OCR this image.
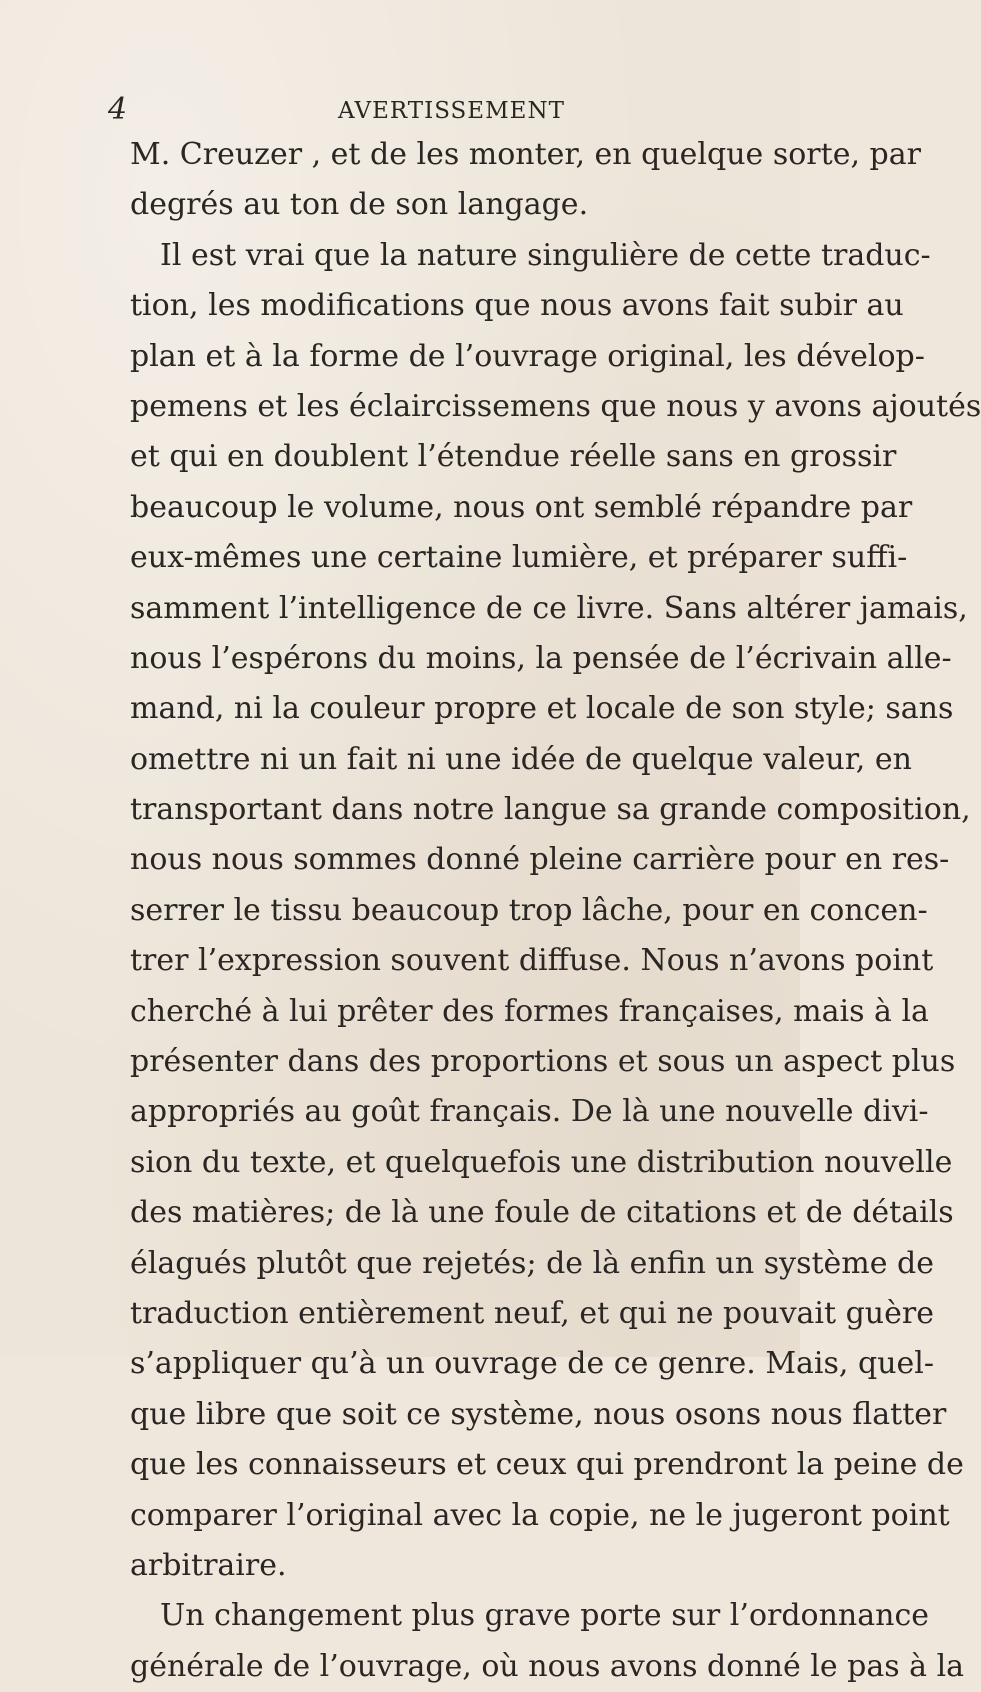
4	AVERTISSEMENT
M. Creuzer , et de les monter, en quelque sorte, par
degrés au ton de son langage.
Il est vrai que la nature singulière de cette traduc-
tion, les modifications que nous avons fait subir au
plan et à la forme de l’ouvrage original, les dévelop-
pemens et les éclaircissemens que nous y avons ajoutés
et qui en doublent l’étendue réelle sans en grossir
beaucoup le volume, nous ont semblé répandre par
eux-mêmes une certaine lumière, et préparer suffi-
samment l’intelligence de ce livre. Sans altérer jamais,
nous l’espérons du moins, la pensée de l’écrivain alle-
mand, ni la couleur propre et locale de son style; sans
omettre ni un fait ni une idée de quelque valeur, en
transportant dans notre langue sa grande composition,
nous nous sommes donné pleine carrière pour en res-
serrer le tissu beaucoup trop lâche, pour en concen-
trer l’expression souvent diffuse. Nous n’avons point
cherché à lui prêter des formes françaises, mais à la
présenter dans des proportions et sous un aspect plus
appropriés au goût français. De là une nouvelle divi-
sion du texte, et quelquefois une distribution nouvelle
des matières; de là une foule de citations et de détails
élagués plutôt que rejetés; de là enfin un système de
traduction entièrement neuf, et qui ne pouvait guère
s’appliquer qu’à un ouvrage de ce genre. Mais, quel-
que libre que soit ce système, nous osons nous flatter
que les connaisseurs et ceux qui prendront la peine de
comparer l’original avec la copie, ne le jugeront point
arbitraire.
Un changement plus grave porte sur l’ordonnance
générale de l’ouvrage, où nous avons donné le pas à la
